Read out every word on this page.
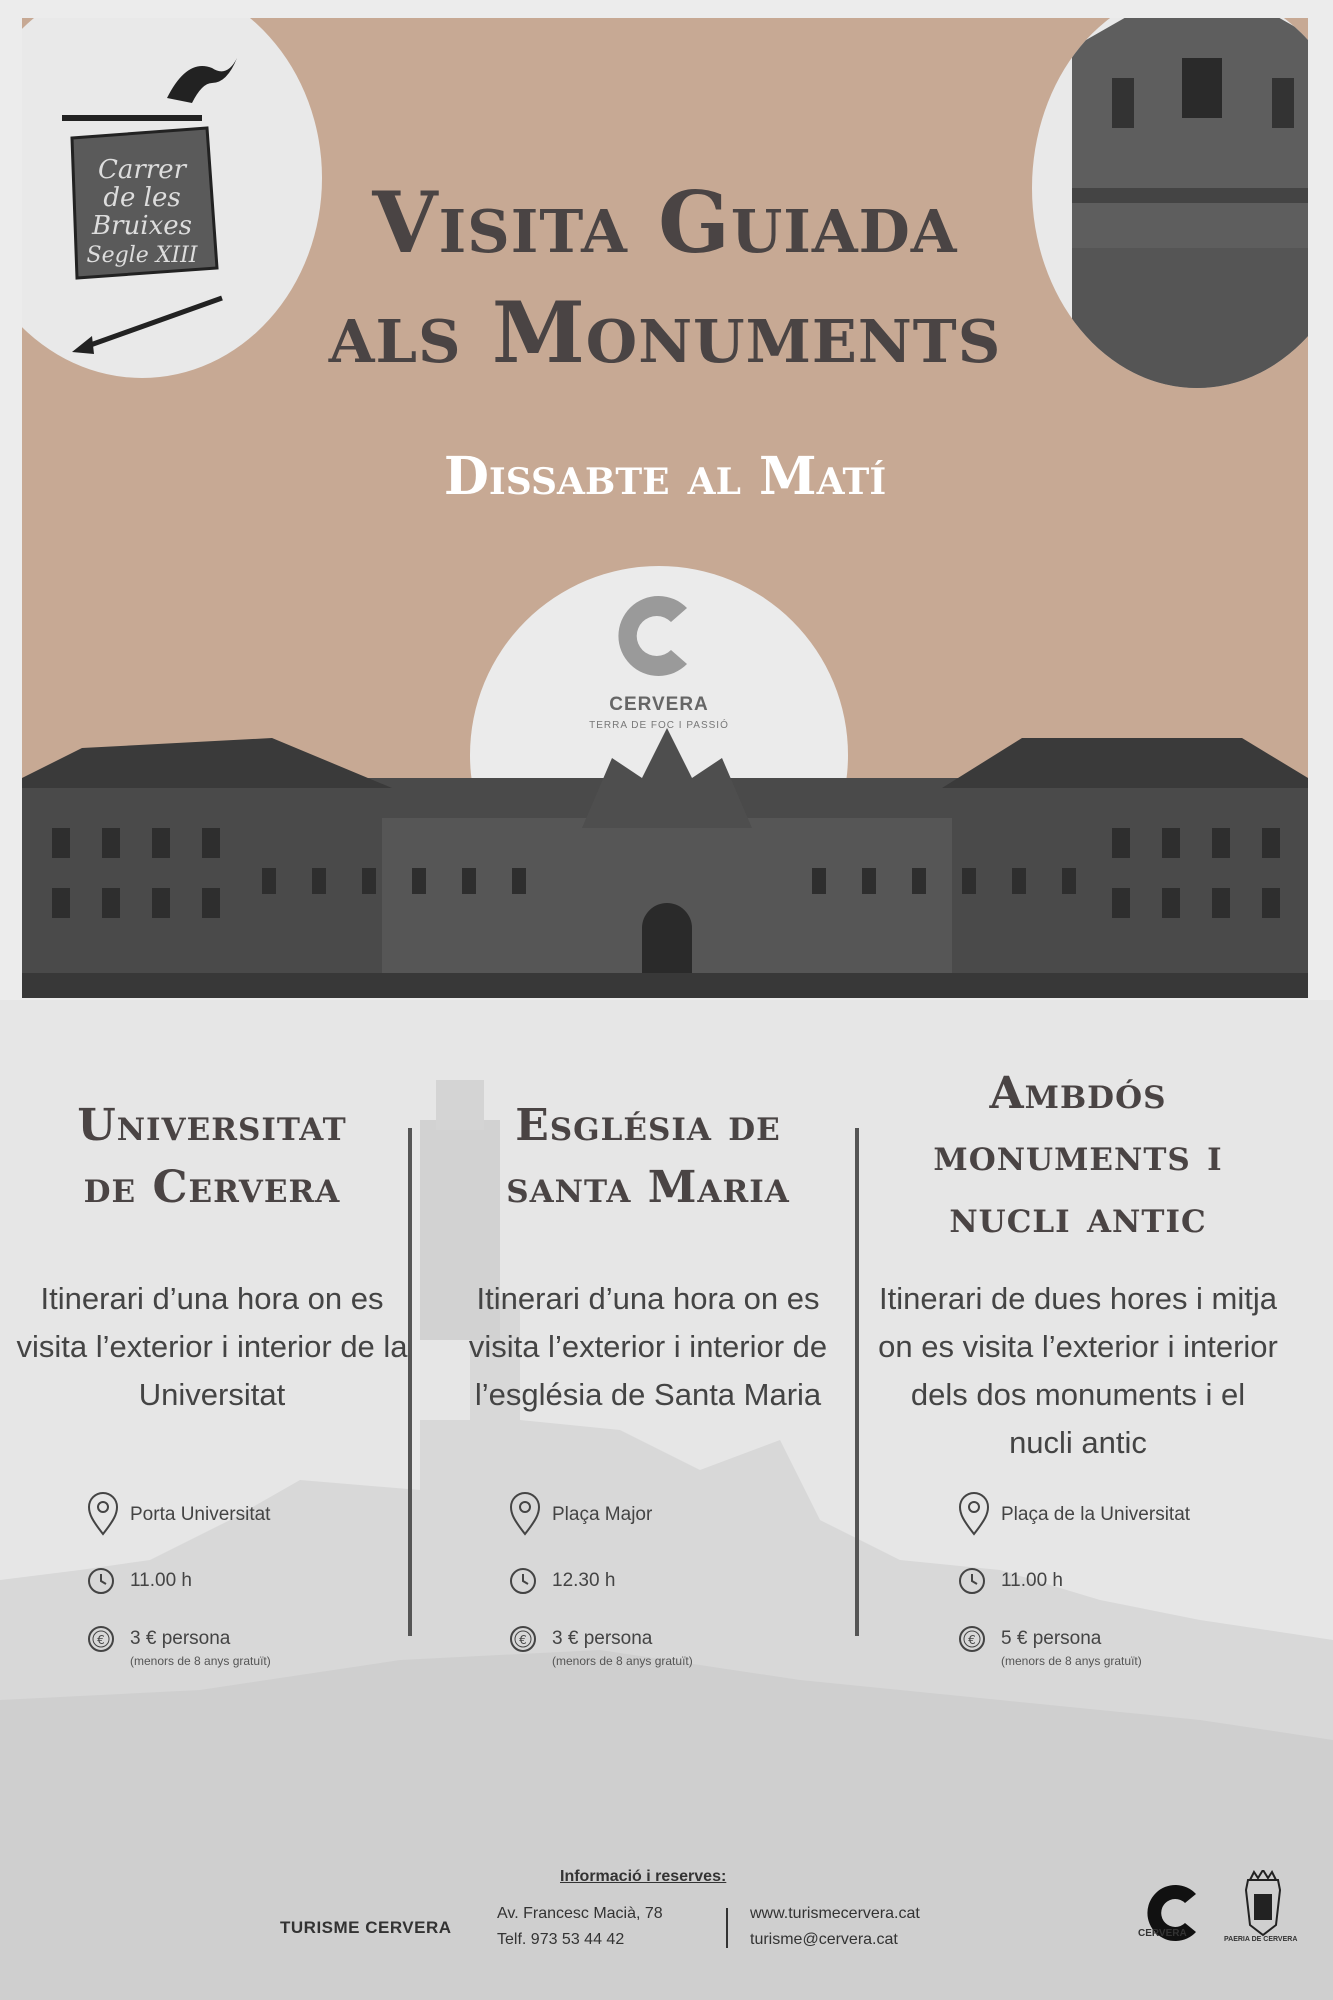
Carrer
de les
Bruixes
Segle XIII	Visita Guiada
als Monuments
Dissabte al Matí
CERVERA
TERRA DE FOC I PASSIÓ
Universitat
de Cervera
Itinerari d’una hora on es visita l’exterior i interior de la Universitat
Església de
santa Maria
Itinerari d’una hora on es visita l’exterior i interior de l’església de Santa Maria
Ambdós
monuments i
nucli antic
Itinerari de dues hores i mitja on es visita l’exterior i interior dels dos monuments i el nucli antic
Porta Universitat
11.00 h
€ 3 € persona
(menors de 8 anys gratuït)
Plaça Major
12.30 h
€ 3 € persona
(menors de 8 anys gratuït)
Plaça de la Universitat
11.00 h
€ 5 € persona
(menors de 8 anys gratuït)
Informació i reserves:
TURISME CERVERA
Av. Francesc Macià, 78
Telf. 973 53 44 42
www.turismecervera.cat
turisme@cervera.cat	CERVERA
PAERIA DE CERVERA
